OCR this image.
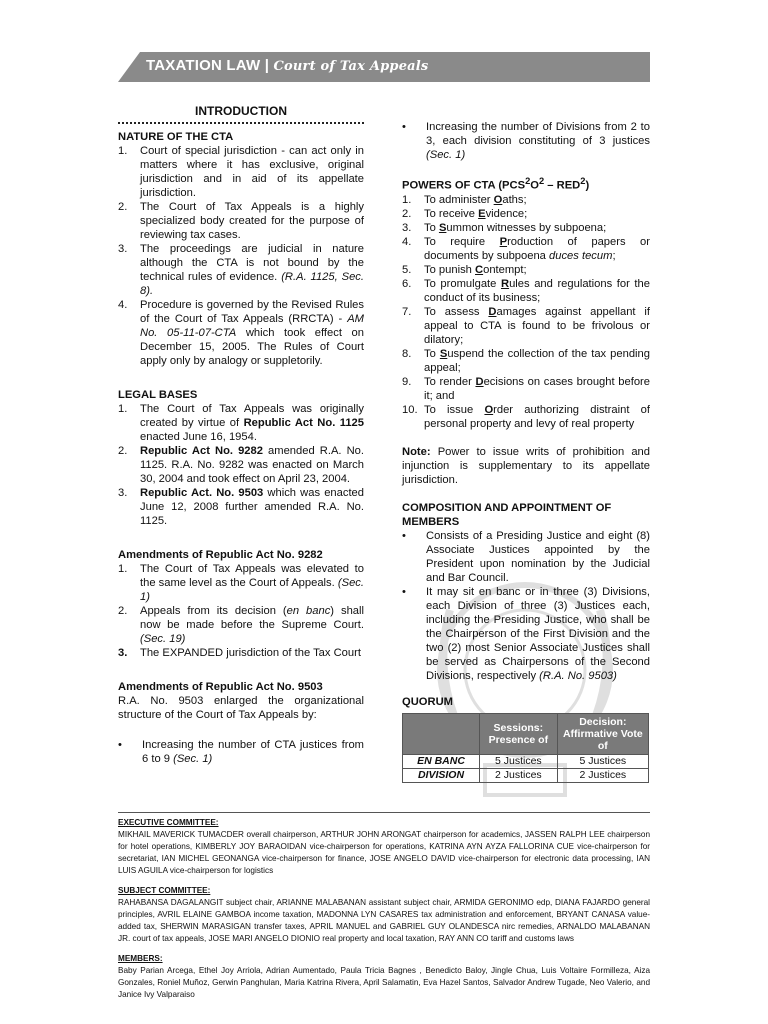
TAXATION LAW | Court of Tax Appeals
INTRODUCTION
NATURE OF THE CTA
1.	Court of special jurisdiction - can act only in matters where it has exclusive, original jurisdiction and in aid of its appellate jurisdiction.
2.	The Court of Tax Appeals is a highly specialized body created for the purpose of reviewing tax cases.
3.	The proceedings are judicial in nature although the CTA is not bound by the technical rules of evidence. (R.A. 1125, Sec. 8).
4.	Procedure is governed by the Revised Rules of the Court of Tax Appeals (RRCTA) - AM No. 05-11-07-CTA which took effect on December 15, 2005. The Rules of Court apply only by analogy or suppletorily.
LEGAL BASES
1.	The Court of Tax Appeals was originally created by virtue of Republic Act No. 1125 enacted June 16, 1954.
2.	Republic Act No. 9282 amended R.A. No. 1125. R.A. No. 9282 was enacted on March 30, 2004 and took effect on April 23, 2004.
3.	Republic Act. No. 9503 which was enacted June 12, 2008 further amended R.A. No. 1125.
Amendments of Republic Act No. 9282
1.	The Court of Tax Appeals was elevated to the same level as the Court of Appeals. (Sec. 1)
2.	Appeals from its decision (en banc) shall now be made before the Supreme Court. (Sec. 19)
3.	The EXPANDED jurisdiction of the Tax Court
Amendments of Republic Act No. 9503
R.A. No. 9503 enlarged the organizational structure of the Court of Tax Appeals by:
•	Increasing the number of CTA justices from 6 to 9 (Sec. 1)
•	Increasing the number of Divisions from 2 to 3, each division constituting of 3 justices (Sec. 1)
POWERS OF CTA $(PCS^2O^2 - RED^2)$
1.	To administer Oaths;
2.	To receive Evidence;
3.	To Summon witnesses by subpoena;
4.	To require Production of papers or documents by subpoena duces tecum;
5.	To punish Contempt;
6.	To promulgate Rules and regulations for the conduct of its business;
7.	To assess Damages against appellant if appeal to CTA is found to be frivolous or dilatory;
8.	To Suspend the collection of the tax pending appeal;
9.	To render Decisions on cases brought before it; and
10. To issue Order authorizing distraint of personal property and levy of real property
Note: Power to issue writs of prohibition and injunction is supplementary to its appellate jurisdiction.
COMPOSITION AND APPOINTMENT OF MEMBERS
•	Consists of a Presiding Justice and eight (8) Associate Justices appointed by the President upon nomination by the Judicial and Bar Council.
•	It may sit en banc or in three (3) Divisions, each Division of three (3) Justices each, including the Presiding Justice, who shall be the Chairperson of the First Division and the two (2) most Senior Associate Justices shall be served as Chairpersons of the Second Divisions, respectively (R.A. No. 9503)
QUORUM
	Sessions: Presence of	Decision: Affirmative Vote of
EN BANC	5 Justices	5 Justices
DIVISION	2 Justices	2 Justices
EXECUTIVE COMMITTEE:
MIKHAIL MAVERICK TUMACDER overall chairperson, ARTHUR JOHN ARONGAT chairperson for academics, JASSEN RALPH LEE chairperson for hotel operations, KIMBERLY JOY BARAOIDAN vice-chairperson for operations, KATRINA AYN AYZA FALLORINA CUE vice-chairperson for secretariat, IAN MICHEL GEONANGA vice-chairperson for finance, JOSE ANGELO DAVID vice-chairperson for electronic data processing, IAN LUIS AGUILA vice-chairperson for logistics
SUBJECT COMMITTEE:
RAHABANSA DAGALANGIT subject chair, ARIANNE MALABANAN assistant subject chair, ARMIDA GERONIMO edp, DIANA FAJARDO general principles, AVRIL ELAINE GAMBOA income taxation, MADONNA LYN CASARES tax administration and enforcement, BRYANT CANASA value-added tax, SHERWIN MARASIGAN transfer taxes, APRIL MANUEL and GABRIEL GUY OLANDESCA nirc remedies, ARNALDO MALABANAN JR. court of tax appeals, JOSE MARI ANGELO DIONIO real property and local taxation, RAY ANN CO tariff and customs laws
MEMBERS:
Baby Parian Arcega, Ethel Joy Arriola, Adrian Aumentado, Paula Tricia Bagnes , Benedicto Baloy, Jingle Chua, Luis Voltaire Formilleza, Aiza Gonzales, Roniel Muñoz, Gerwin Panghulan, Maria Katrina Rivera, April Salamatin, Eva Hazel Santos, Salvador Andrew Tugade, Neo Valerio, and Janice Ivy Valparaiso
